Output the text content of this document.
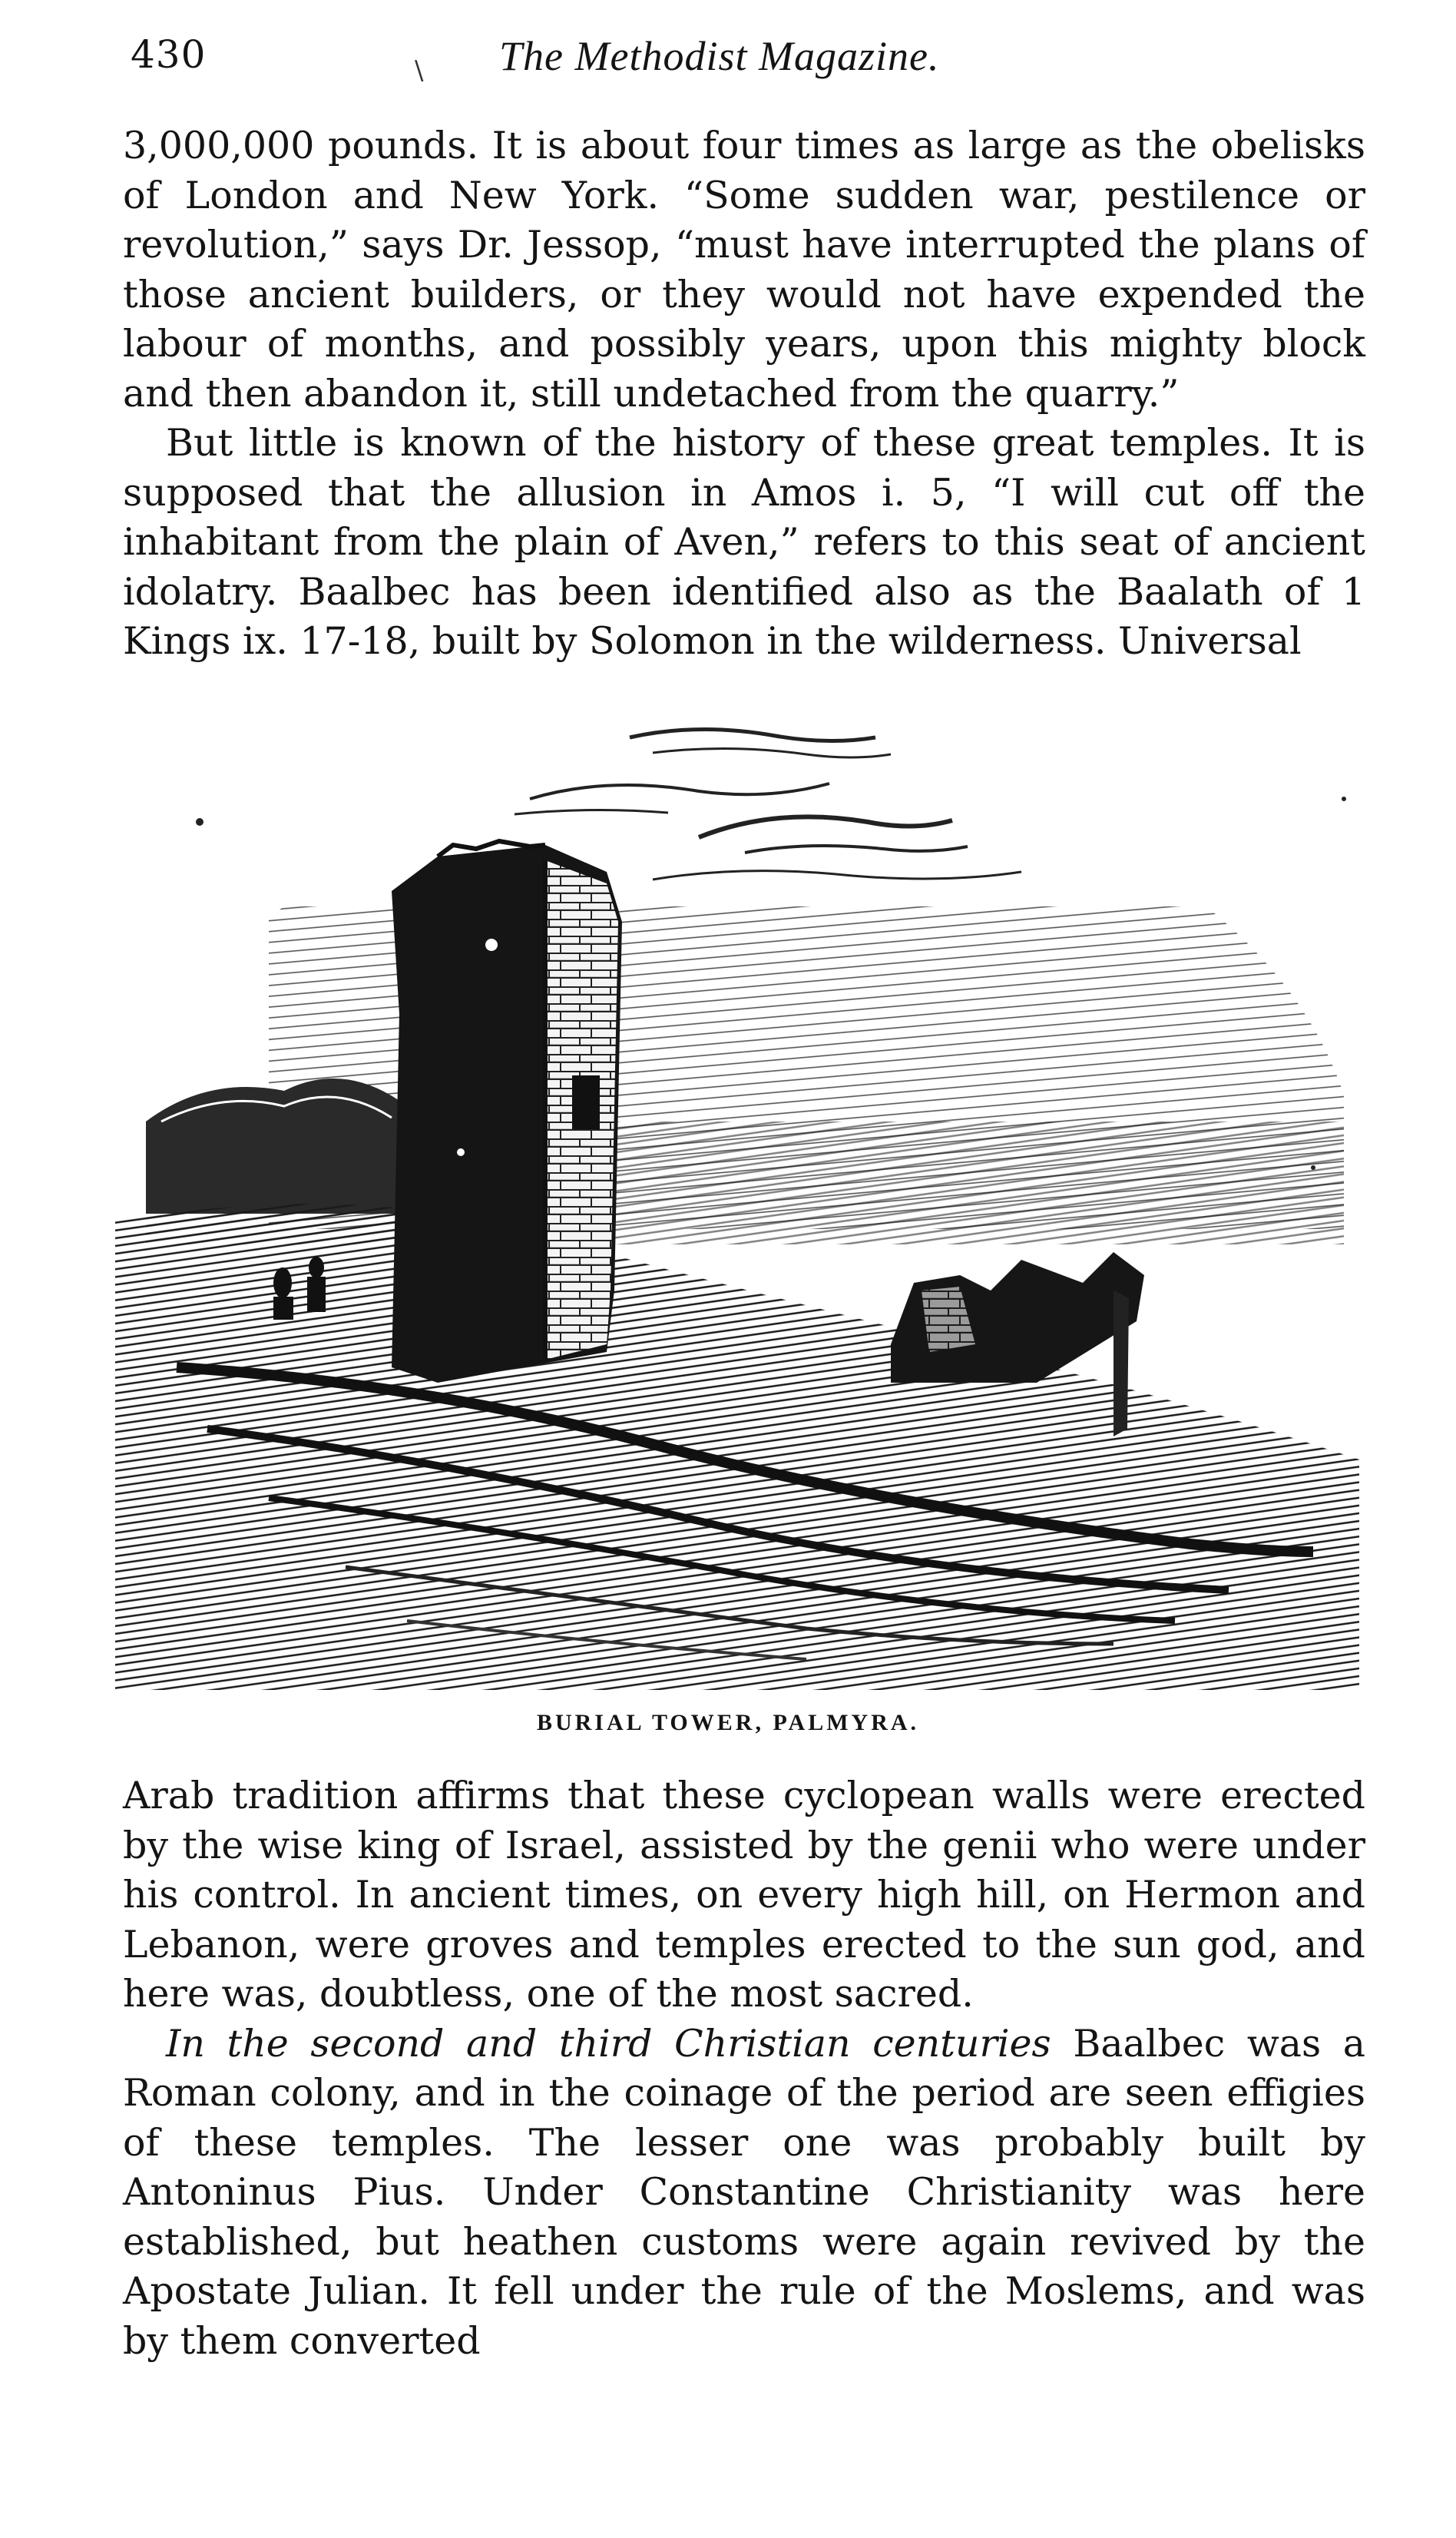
430	\ The Methodist Magazine.

3,000,000 pounds. It is about four times as large as the obelisks of London and New York. “Some sudden war, pestilence or revolution,” says Dr. Jessop, “must have interrupted the plans of those ancient builders, or they would not have expended the labour of months, and possibly years, upon this mighty block and then abandon it, still undetached from the quarry.”

But little is known of the history of these great temples. It is supposed that the allusion in Amos i. 5, “I will cut off the inhabitant from the plain of Aven,” refers to this seat of ancient idolatry. Baalbec has been identified also as the Baalath of 1 Kings ix. 17-18, built by Solomon in the wilderness. Universal

BURIAL TOWER, PALMYRA.

Arab tradition affirms that these cyclopean walls were erected by the wise king of Israel, assisted by the genii who were under his control. In ancient times, on every high hill, on Hermon and Lebanon, were groves and temples erected to the sun god, and here was, doubtless, one of the most sacred.

In the second and third Christian centuries Baalbec was a Roman colony, and in the coinage of the period are seen effigies of these temples. The lesser one was probably built by Antoninus Pius. Under Constantine Christianity was here established, but heathen customs were again revived by the Apostate Julian. It fell under the rule of the Moslems, and was by them converted
